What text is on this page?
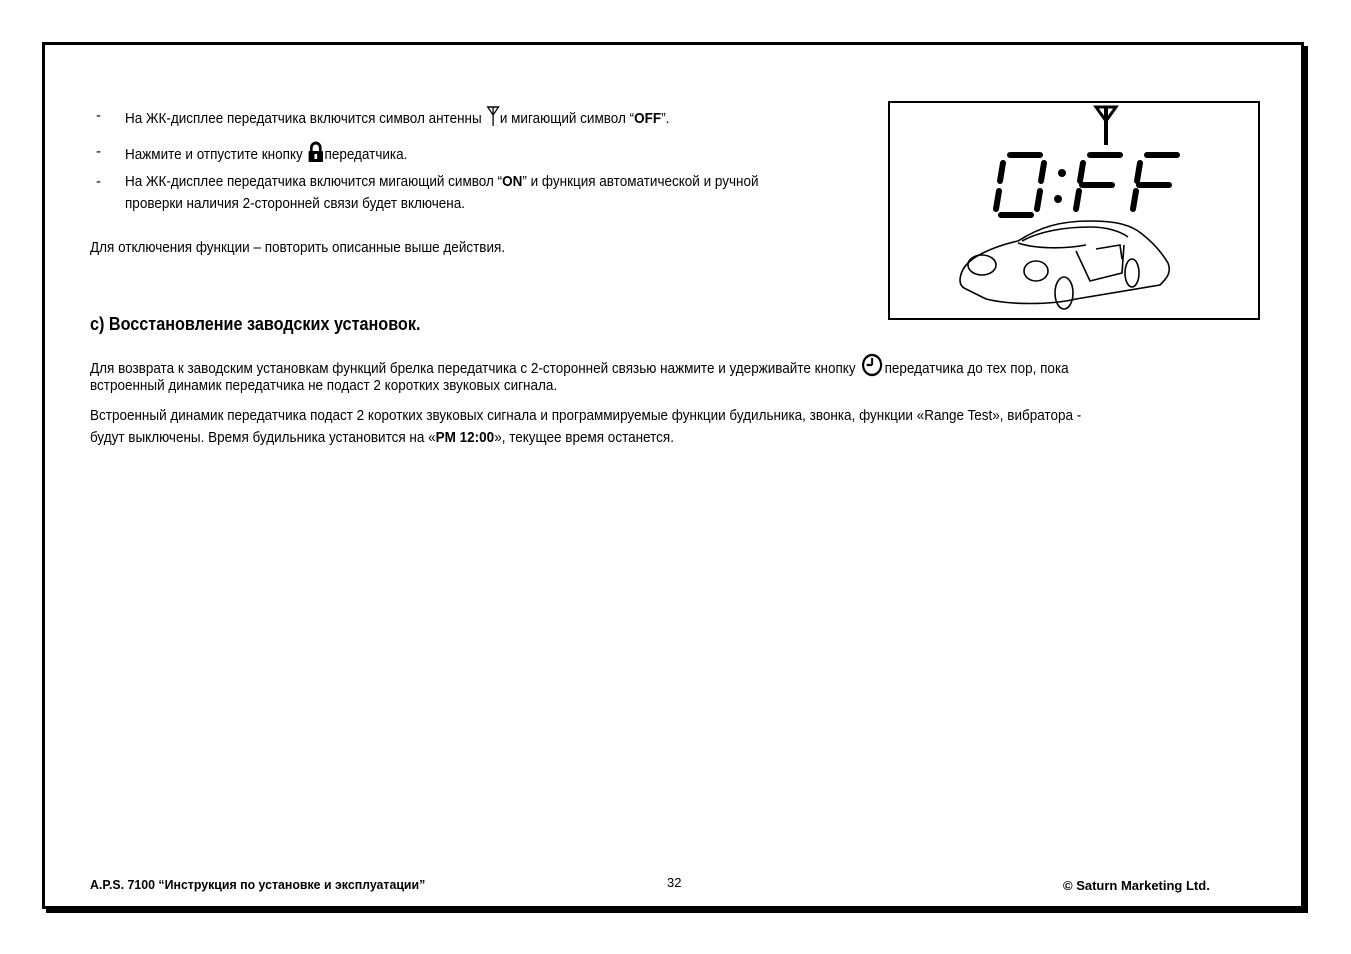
- На ЖК-дисплее передатчика включится символ антенны и мигающий символ “OFF”.
- Нажмите и отпустите кнопку передатчика.
- На ЖК-дисплее передатчика включится мигающий символ “ON” и функция автоматической и ручной
проверки наличия 2-сторонней связи будет включена.
Для отключения функции – повторить описанные выше действия.
c) Восстановление заводских установок.
Для возврата к заводским установкам функций брелка передатчика с 2-сторонней связью нажмите и удерживайте кнопку передатчика до тех пор, пока
встроенный динамик передатчика не подаст 2 коротких звуковых сигнала.
Встроенный динамик передатчика подаст 2 коротких звуковых сигнала и программируемые функции будильника, звонка, функции «Range Test», вибратора -
будут выключены. Время будильника установится на «PM 12:00», текущее время останется.
A.P.S. 7100 “Инструкция по установке и эксплуатации”	32	© Saturn Marketing Ltd.
